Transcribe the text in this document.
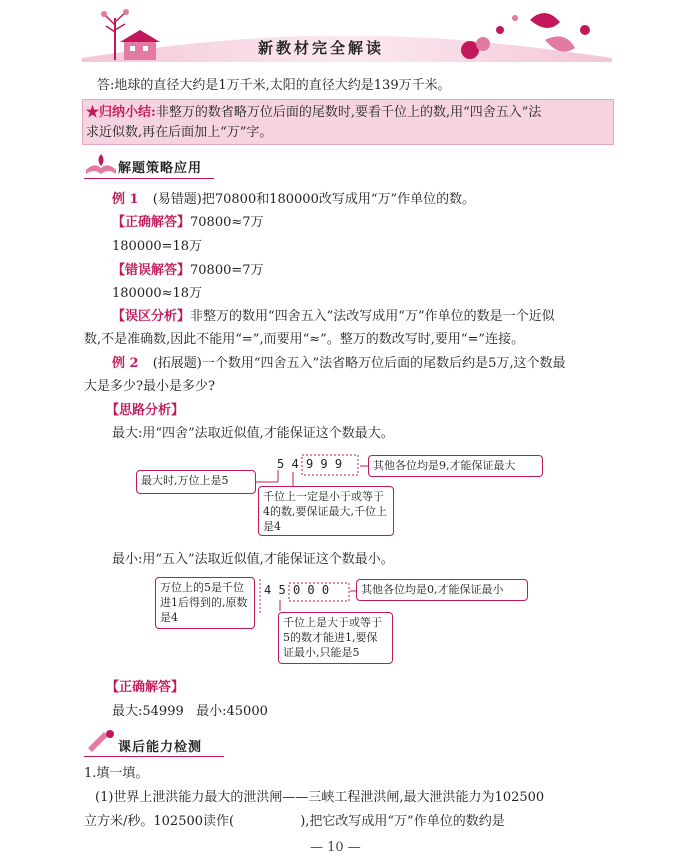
新教材完全解读
答:地球的直径大约是1万千米,太阳的直径大约是139万千米。
★归纳小结:非整万的数省略万位后面的尾数时,要看千位上的数,用“四舍五入”法
求近似数,再在后面加上“万”字。
解题策略应用
例 1 (易错题)把70800和180000改写成用“万”作单位的数。
【正确解答】70800≈7万
180000=18万
【错误解答】70800=7万
180000≈18万
【误区分析】非整万的数用“四舍五入”法改写成用“万”作单位的数是一个近似
数,不是准确数,因此不能用“=”,而要用“≈”。整万的数改写时,要用“=”连接。
例 2 (拓展题)一个数用“四舍五入”法省略万位后面的尾数后约是5万,这个数最
大是多少?最小是多少?
【思路分析】
最大:用“四舍”法取近似值,才能保证这个数最大。
5 4 9 9 9
最大时,万位上是5
其他各位均是9,才能保证最大
千位上一定是小于或等于4的数,要保证最大,千位上是4
最小:用“五入”法取近似值,才能保证这个数最小。
4 5 0 0 0
万位上的5是千位进1后得到的,原数是4
其他各位均是0,才能保证最小
千位上是大于或等于5的数才能进1,要保证最小,只能是5
【正确解答】
最大:54999   最小:45000
课后能力检测
1.填一填。
(1)世界上泄洪能力最大的泄洪闸——三峡工程泄洪闸,最大泄洪能力为102500
立方米/秒。102500读作(                ),把它改写成用“万”作单位的数约是
— 10 —
